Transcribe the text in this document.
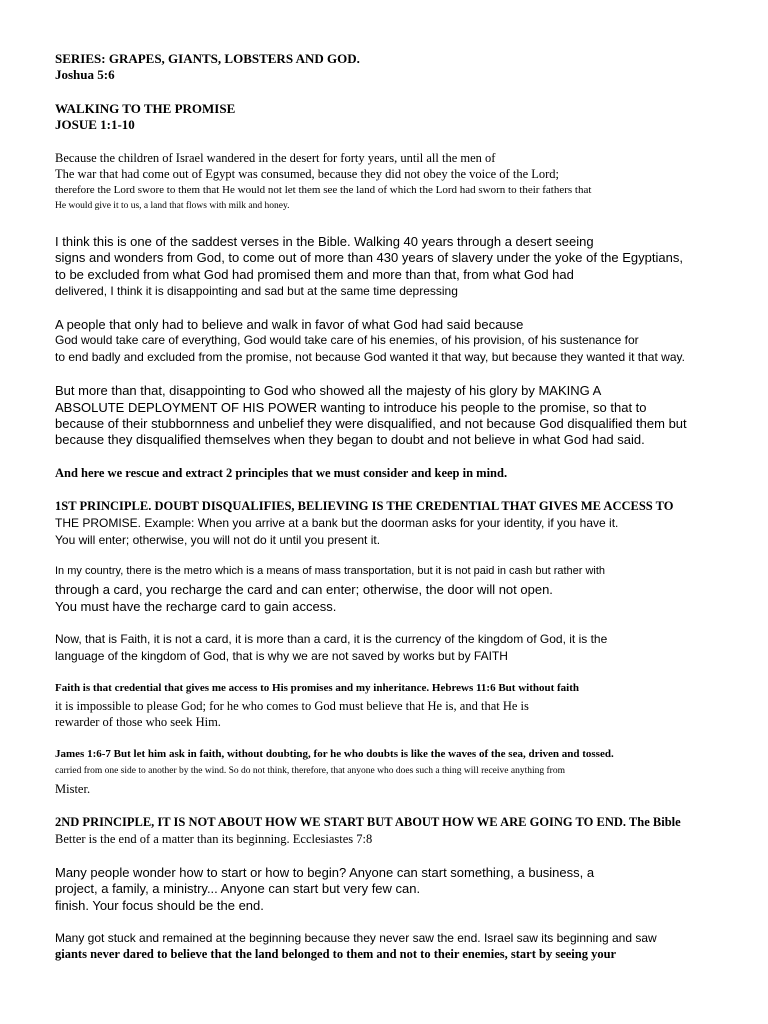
SERIES: GRAPES, GIANTS, LOBSTERS AND GOD.
Joshua 5:6
WALKING TO THE PROMISE
JOSUE 1:1-10
Because the children of Israel wandered in the desert for forty years, until all the men of
The war that had come out of Egypt was consumed, because they did not obey the voice of the Lord;
therefore the Lord swore to them that He would not let them see the land of which the Lord had sworn to their fathers that
He would give it to us, a land that flows with milk and honey.
I think this is one of the saddest verses in the Bible. Walking 40 years through a desert seeing
signs and wonders from God, to come out of more than 430 years of slavery under the yoke of the Egyptians,
to be excluded from what God had promised them and more than that, from what God had
delivered, I think it is disappointing and sad but at the same time depressing
A people that only had to believe and walk in favor of what God had said because
God would take care of everything, God would take care of his enemies, of his provision, of his sustenance for
to end badly and excluded from the promise, not because God wanted it that way, but because they wanted it that way.
But more than that, disappointing to God who showed all the majesty of his glory by MAKING A
ABSOLUTE DEPLOYMENT OF HIS POWER wanting to introduce his people to the promise, so that to
because of their stubbornness and unbelief they were disqualified, and not because God disqualified them but
because they disqualified themselves when they began to doubt and not believe in what God had said.
And here we rescue and extract 2 principles that we must consider and keep in mind.
1ST PRINCIPLE. DOUBT DISQUALIFIES, BELIEVING IS THE CREDENTIAL THAT GIVES ME ACCESS TO
THE PROMISE. Example: When you arrive at a bank but the doorman asks for your identity, if you have it.
You will enter; otherwise, you will not do it until you present it.
In my country, there is the metro which is a means of mass transportation, but it is not paid in cash but rather with
through a card, you recharge the card and can enter; otherwise, the door will not open.
You must have the recharge card to gain access.
Now, that is Faith, it is not a card, it is more than a card, it is the currency of the kingdom of God, it is the
language of the kingdom of God, that is why we are not saved by works but by FAITH
Faith is that credential that gives me access to His promises and my inheritance. Hebrews 11:6 But without faith
it is impossible to please God; for he who comes to God must believe that He is, and that He is
rewarder of those who seek Him.
James 1:6-7 But let him ask in faith, without doubting, for he who doubts is like the waves of the sea, driven and tossed.
carried from one side to another by the wind. So do not think, therefore, that anyone who does such a thing will receive anything from
Mister.
2ND PRINCIPLE, IT IS NOT ABOUT HOW WE START BUT ABOUT HOW WE ARE GOING TO END. The Bible
Better is the end of a matter than its beginning. Ecclesiastes 7:8
Many people wonder how to start or how to begin? Anyone can start something, a business, a
project, a family, a ministry... Anyone can start but very few can.
finish. Your focus should be the end.
Many got stuck and remained at the beginning because they never saw the end. Israel saw its beginning and saw
giants never dared to believe that the land belonged to them and not to their enemies, start by seeing your
